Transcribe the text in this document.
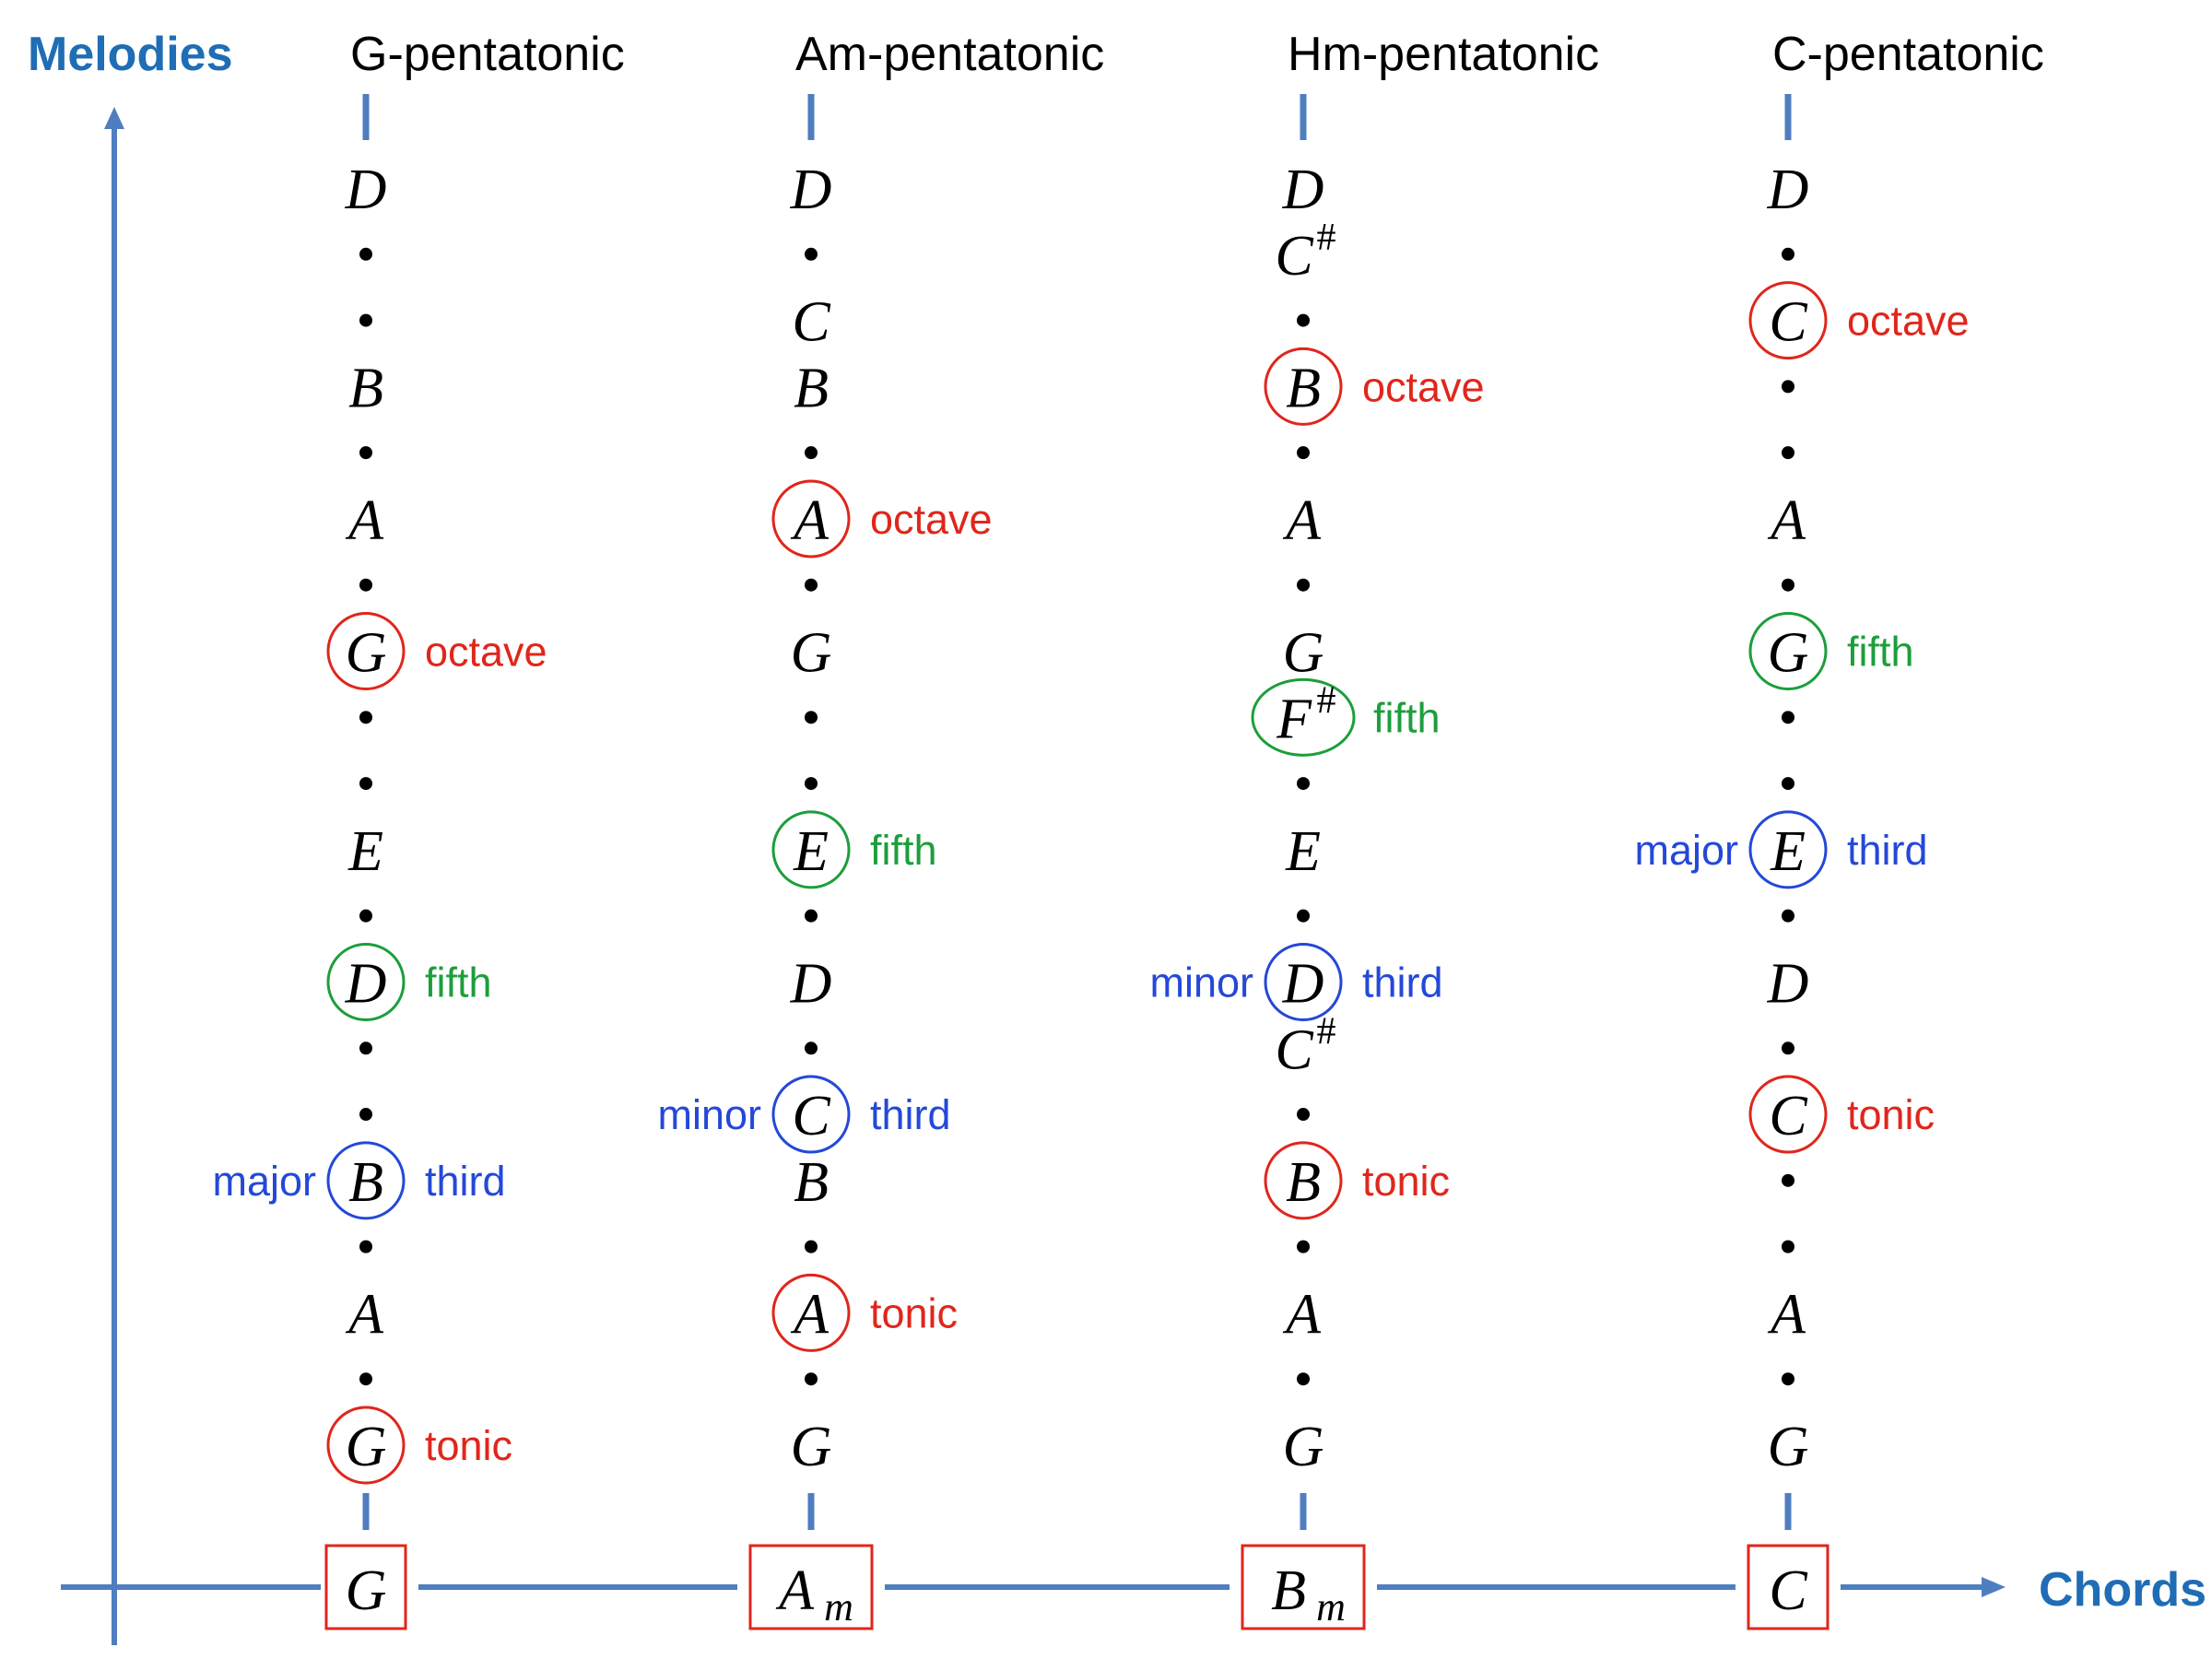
G-pentatonic
D
B
A
G octave
E
D fifth
B third
major
A
G tonic
G
Am-pentatonic
D
C
B
A octave
G
E fifth
D
C third
minor
B
A tonic
G
A m
Hm-pentatonic
D
C #
B octave
A
G
F # fifth
E
D third
minor
C #
B tonic
A
G
B m
C-pentatonic
D
C octave
A
G fifth
E third
major
D
C tonic
A
G
C
Melodies
Chords
